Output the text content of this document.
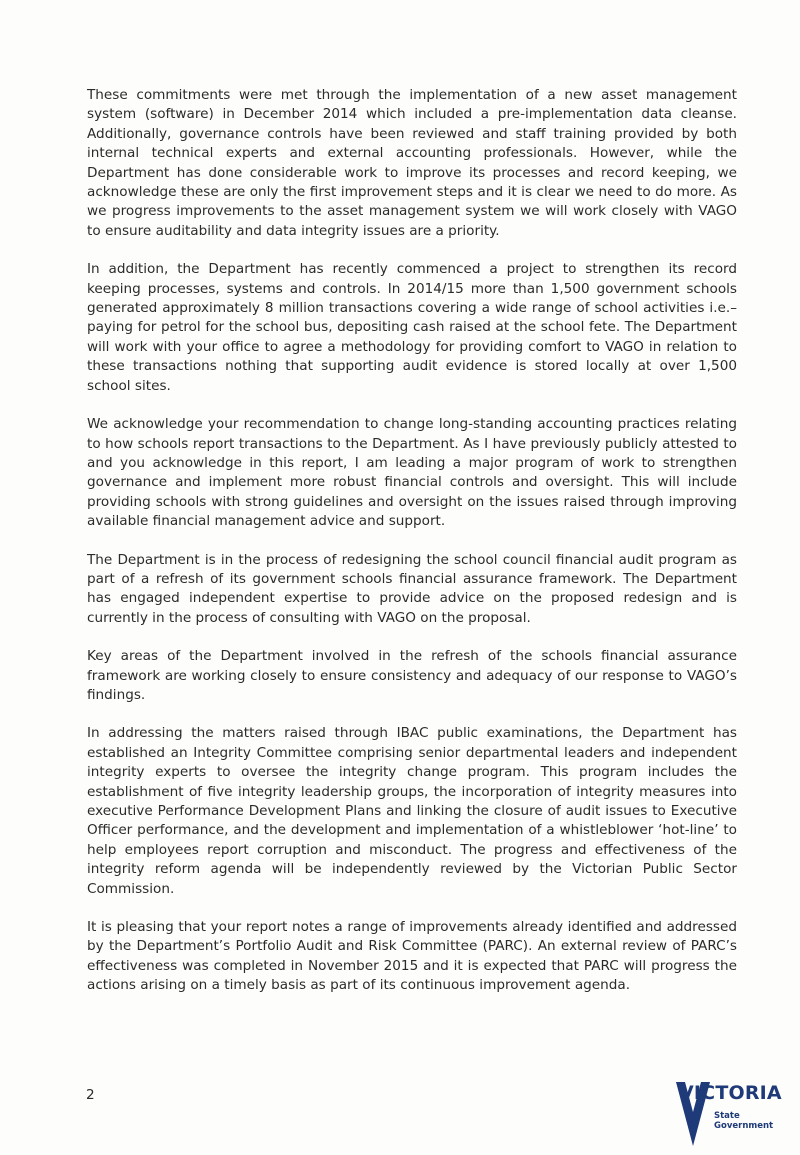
These commitments were met through the implementation of a new asset management system (software) in December 2014 which included a pre-implementation data cleanse. Additionally, governance controls have been reviewed and staff training provided by both internal technical experts and external accounting professionals. However, while the Department has done considerable work to improve its processes and record keeping, we acknowledge these are only the first improvement steps and it is clear we need to do more. As we progress improvements to the asset management system we will work closely with VAGO to ensure auditability and data integrity issues are a priority.

In addition, the Department has recently commenced a project to strengthen its record keeping processes, systems and controls. In 2014/15 more than 1,500 government schools generated approximately 8 million transactions covering a wide range of school activities i.e.–paying for petrol for the school bus, depositing cash raised at the school fete. The Department will work with your office to agree a methodology for providing comfort to VAGO in relation to these transactions nothing that supporting audit evidence is stored locally at over 1,500 school sites.

We acknowledge your recommendation to change long-standing accounting practices relating to how schools report transactions to the Department. As I have previously publicly attested to and you acknowledge in this report, I am leading a major program of work to strengthen governance and implement more robust financial controls and oversight. This will include providing schools with strong guidelines and oversight on the issues raised through improving available financial management advice and support.

The Department is in the process of redesigning the school council financial audit program as part of a refresh of its government schools financial assurance framework. The Department has engaged independent expertise to provide advice on the proposed redesign and is currently in the process of consulting with VAGO on the proposal.

Key areas of the Department involved in the refresh of the schools financial assurance framework are working closely to ensure consistency and adequacy of our response to VAGO’s findings.

In addressing the matters raised through IBAC public examinations, the Department has established an Integrity Committee comprising senior departmental leaders and independent integrity experts to oversee the integrity change program. This program includes the establishment of five integrity leadership groups, the incorporation of integrity measures into executive Performance Development Plans and linking the closure of audit issues to Executive Officer performance, and the development and implementation of a whistleblower ‘hot-line’ to help employees report corruption and misconduct. The progress and effectiveness of the integrity reform agenda will be independently reviewed by the Victorian Public Sector Commission.

It is pleasing that your report notes a range of improvements already identified and addressed by the Department’s Portfolio Audit and Risk Committee (PARC). An external review of PARC’s effectiveness was completed in November 2015 and it is expected that PARC will progress the actions arising on a timely basis as part of its continuous improvement agenda.

2	VICTORIA
State
Government
